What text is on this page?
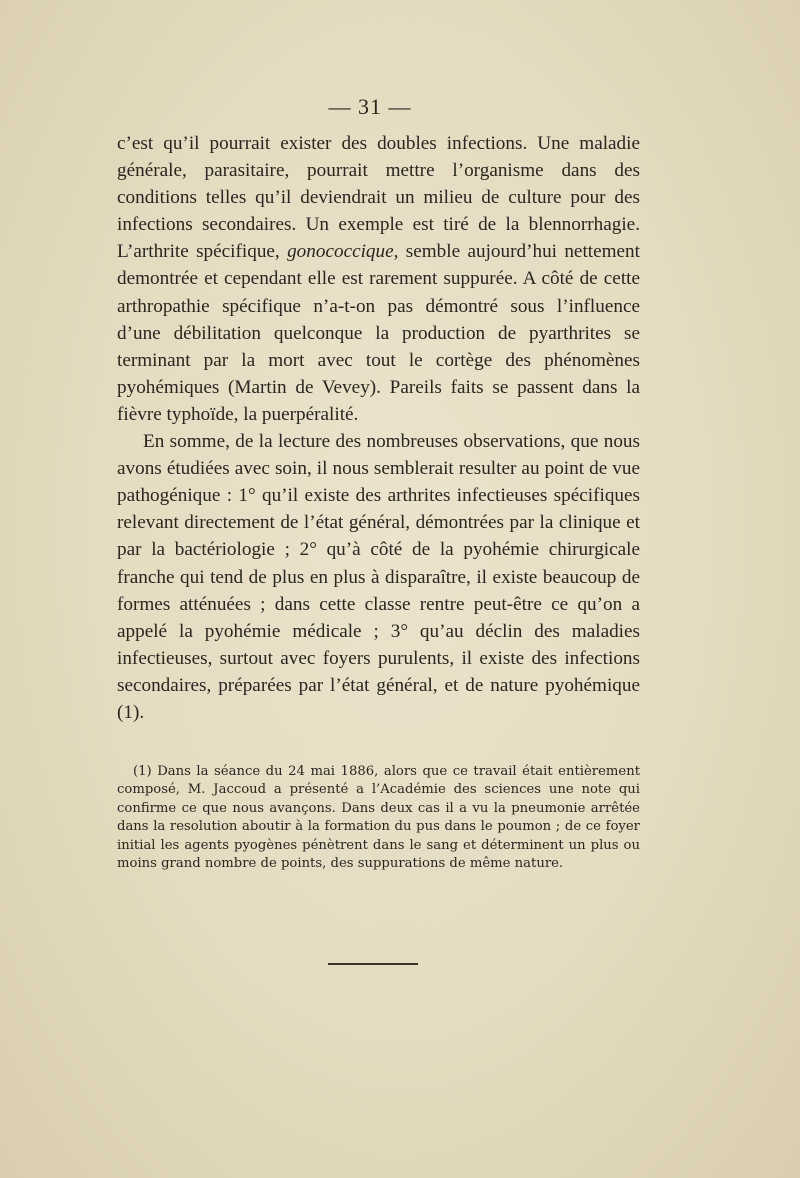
— 31 —

c’est qu’il pourrait exister des doubles infections. Une maladie générale, parasitaire, pourrait mettre l’organisme dans des conditions telles qu’il deviendrait un milieu de culture pour des infections secondaires. Un exemple est tiré de la blennorrhagie. L’arthrite spécifique, gonococcique, semble aujourd’hui nettement demontrée et cependant elle est rarement suppurée. A côté de cette arthropathie spécifique n’a-t-on pas démontré sous l’influence d’une débilitation quelconque la production de pyarthrites se terminant par la mort avec tout le cortège des phénomènes pyohémiques (Martin de Vevey). Pareils faits se passent dans la fièvre typhoïde, la puerpéralité.

En somme, de la lecture des nombreuses observations, que nous avons étudiées avec soin, il nous semblerait resulter au point de vue pathogénique : 1° qu’il existe des arthrites infectieuses spécifiques relevant directement de l’état général, démontrées par la clinique et par la bactériologie ; 2° qu’à côté de la pyohémie chirurgicale franche qui tend de plus en plus à disparaître, il existe beaucoup de formes atténuées ; dans cette classe rentre peut-être ce qu’on a appelé la pyohémie médicale ; 3° qu’au déclin des maladies infectieuses, surtout avec foyers purulents, il existe des infections secondaires, préparées par l’état général, et de nature pyohémique (1).

(1) Dans la séance du 24 mai 1886, alors que ce travail était entièrement composé, M. Jaccoud a présenté a l’Académie des sciences une note qui confirme ce que nous avançons. Dans deux cas il a vu la pneumonie arrêtée dans la resolution aboutir à la formation du pus dans le poumon ; de ce foyer initial les agents pyogènes pénètrent dans le sang et déterminent un plus ou moins grand nombre de points, des suppurations de même nature.
